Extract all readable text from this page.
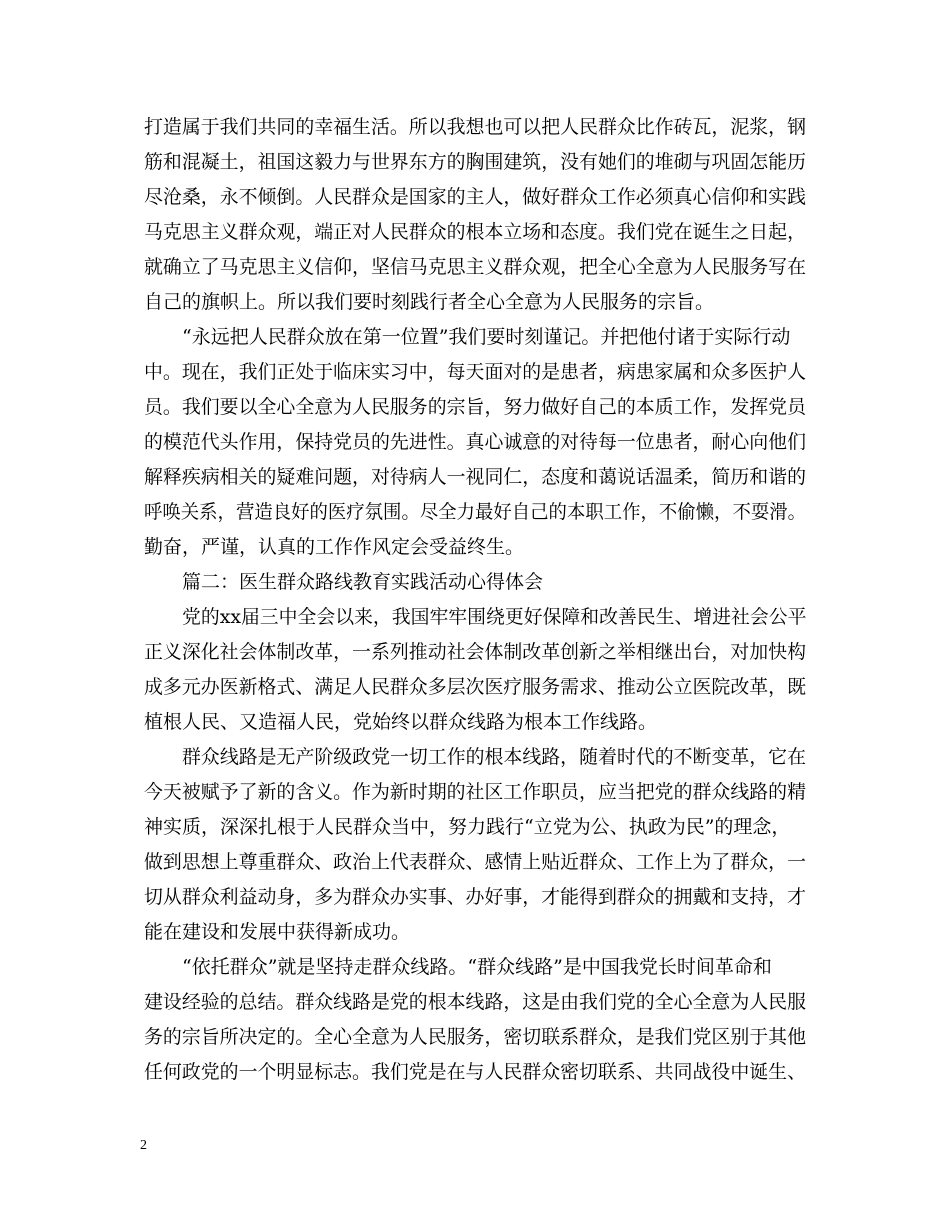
打造属于我们共同的幸福生活。所以我想也可以把人民群众比作砖瓦，泥浆，钢
筋和混凝土，祖国这毅力与世界东方的胸围建筑，没有她们的堆砌与巩固怎能历
尽沧桑，永不倾倒。人民群众是国家的主人，做好群众工作必须真心信仰和实践
马克思主义群众观，端正对人民群众的根本立场和态度。我们党在诞生之日起，
就确立了马克思主义信仰，坚信马克思主义群众观，把全心全意为人民服务写在
自己的旗帜上。所以我们要时刻践行者全心全意为人民服务的宗旨。
“永远把人民群众放在第一位置”我们要时刻谨记。并把他付诸于实际行动
中。现在，我们正处于临床实习中，每天面对的是患者，病患家属和众多医护人
员。我们要以全心全意为人民服务的宗旨，努力做好自己的本质工作，发挥党员
的模范代头作用，保持党员的先进性。真心诚意的对待每一位患者，耐心向他们
解释疾病相关的疑难问题，对待病人一视同仁，态度和蔼说话温柔，简历和谐的
呼唤关系，营造良好的医疗氛围。尽全力最好自己的本职工作，不偷懒，不耍滑。
勤奋，严谨，认真的工作作风定会受益终生。
篇二：医生群众路线教育实践活动心得体会
党的xx届三中全会以来，我国牢牢围绕更好保障和改善民生、增进社会公平
正义深化社会体制改革，一系列推动社会体制改革创新之举相继出台，对加快构
成多元办医新格式、满足人民群众多层次医疗服务需求、推动公立医院改革，既
植根人民、又造福人民，党始终以群众线路为根本工作线路。
群众线路是无产阶级政党一切工作的根本线路，随着时代的不断变革，它在
今天被赋予了新的含义。作为新时期的社区工作职员，应当把党的群众线路的精
神实质，深深扎根于人民群众当中，努力践行“立党为公、执政为民”的理念，
做到思想上尊重群众、政治上代表群众、感情上贴近群众、工作上为了群众，一
切从群众利益动身，多为群众办实事、办好事，才能得到群众的拥戴和支持，才
能在建设和发展中获得新成功。
“依托群众”就是坚持走群众线路。“群众线路”是中国我党长时间革命和
建设经验的总结。群众线路是党的根本线路，这是由我们党的全心全意为人民服
务的宗旨所决定的。全心全意为人民服务，密切联系群众，是我们党区别于其他
任何政党的一个明显标志。我们党是在与人民群众密切联系、共同战役中诞生、
2
